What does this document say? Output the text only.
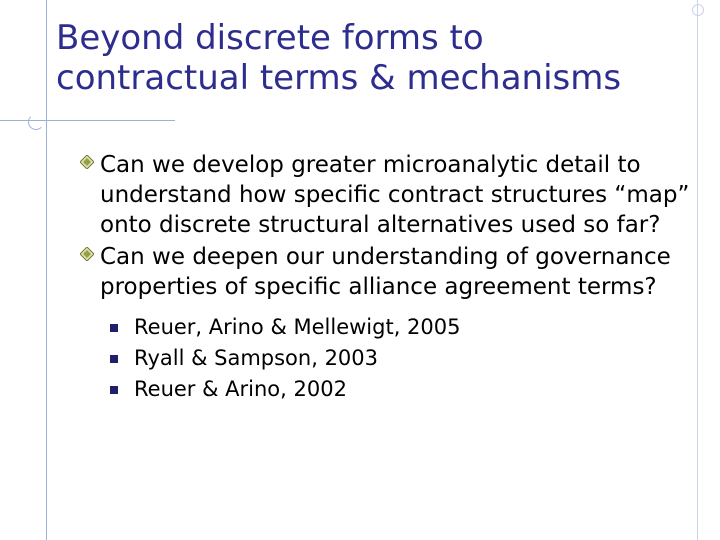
Beyond discrete forms to
contractual terms & mechanisms
Can we develop greater microanalytic detail to understand how specific contract structures “map” onto discrete structural alternatives used so far?
Can we deepen our understanding of governance properties of specific alliance agreement terms?
Reuer, Arino & Mellewigt, 2005
Ryall & Sampson, 2003
Reuer & Arino, 2002
